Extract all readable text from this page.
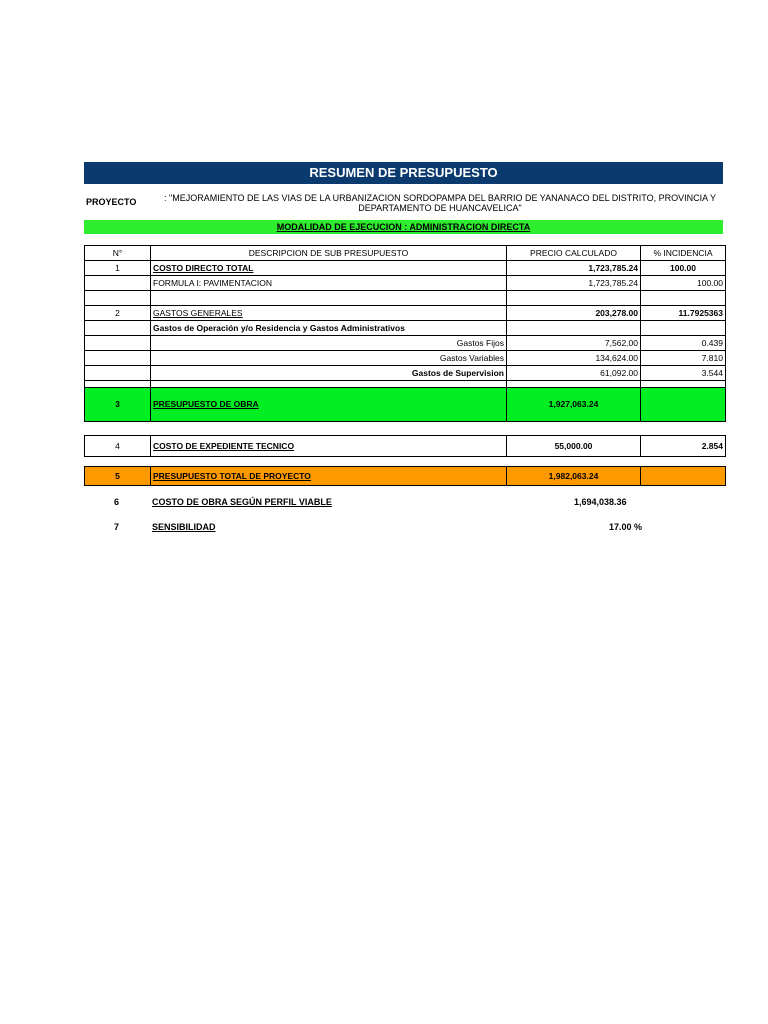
RESUMEN DE PRESUPUESTO
PROYECTO	: "MEJORAMIENTO DE LAS VIAS DE LA URBANIZACION SORDOPAMPA DEL BARRIO DE YANANACO DEL DISTRITO, PROVINCIA Y DEPARTAMENTO DE HUANCAVELICA"
MODALIDAD DE EJECUCION : ADMINISTRACION DIRECTA
N°	DESCRIPCION DE SUB PRESUPUESTO	PRECIO CALCULADO	% INCIDENCIA
1	COSTO DIRECTO TOTAL	1,723,785.24	100.00
	FORMULA I: PAVIMENTACION	1,723,785.24	100.00

2	GASTOS GENERALES	203,278.00	11.7925363
	Gastos de Operación y/o Residencia y Gastos Administrativos		
	Gastos Fijos	7,562.00	0.439
	Gastos Variables	134,624.00	7.810
	Gastos de Supervision	61,092.00	3.544

3	PRESUPUESTO DE OBRA	1,927,063.24	
4	COSTO DE EXPEDIENTE TECNICO	55,000.00	2.854
5	PRESUPUESTO TOTAL DE PROYECTO	1,982,063.24	
6	COSTO DE OBRA SEGÚN PERFIL VIABLE	1,694,038.36
7	SENSIBILIDAD	17.00 %
